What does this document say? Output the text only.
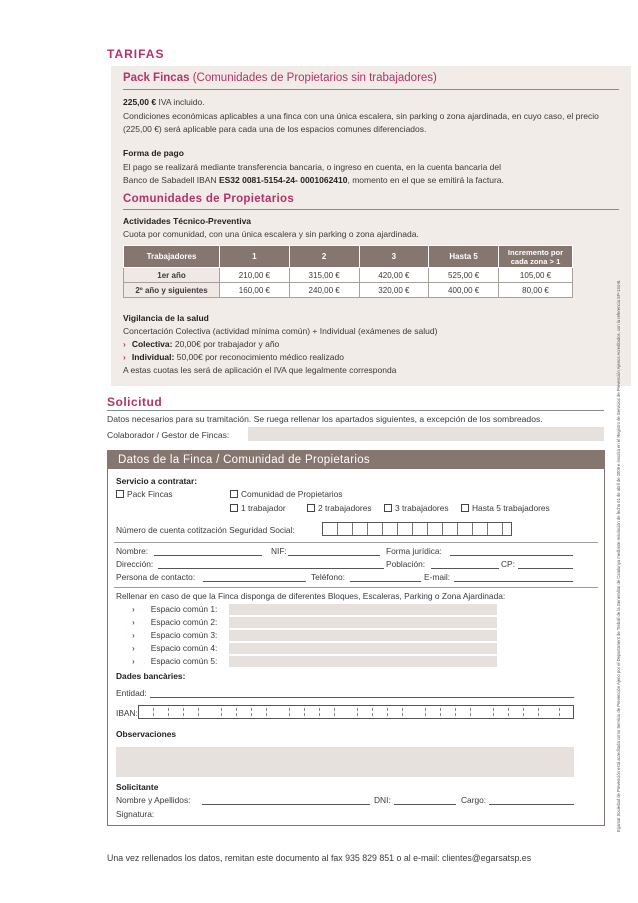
TARIFAS
Pack Fincas (Comunidades de Propietarios sin trabajadores)
225,00 € IVA incluido.
Condiciones económicas aplicables a una finca con una única escalera, sin parking o zona ajardinada, en cuyo caso, el precio (225,00 €) será aplicable para cada una de los espacios comunes diferenciados.
Forma de pago
El pago se realizará mediante transferencia bancaria, o ingreso en cuenta, en la cuenta bancaria del
Banco de Sabadell IBAN ES32 0081-5154-24- 0001062410, momento en el que se emitirá la factura.
Comunidades de Propietarios
Actividades Técnico-Preventiva
Cuota por comunidad, con una única escalera y sin parking o zona ajardinada.
Trabajadores	1	2	3	Hasta 5	Incremento por cada zona > 1
1er año	210,00 €	315,00 €	420,00 €	525,00 €	105,00 €
2º año y siguientes	160,00 €	240,00 €	320,00 €	400,00 €	80,00 €
Vigilancia de la salud
Concertación Colectiva (actividad mínima común) + Individual (exámenes de salud)
› Colectiva: 20,00€ por trabajador y año
› Individual: 50,00€ por reconocimiento médico realizado
A estas cuotas les será de aplicación el IVA que legalmente corresponda	Egarsat Sociedad de Prevención está acreditada como Servicio de Prevención Ajeno por el Departament de Treball de la Generalitat de Catalunya mediante resolución de fecha 01 de abril de 2009 e inscrita en el Registro de Servicios de Prevención Ajenos Acreditados, con la referencia SP-134-B.
Solicitud
Datos necesarios para su tramitación. Se ruega rellenar los apartados siguientes, a excepción de los sombreados.
Colaborador / Gestor de Fincas:
Datos de la Finca / Comunidad de Propietarios
Servicio a contratar:
Pack Fincas	Comunidad de Propietarios
1 trabajador	2 trabajadores	3 trabajadores	Hasta 5 trabajadores
Número de cuenta cotitzación Seguridad Social:
Nombre:	NIF:	Forma jurídica:
Dirección:	Población:	CP:
Persona de contacto:	Teléfono:	E-mail:
Rellenar en caso de que la Finca disponga de diferentes Bloques, Escaleras, Parking o Zona Ajardinada:
› Espacio común 1:
› Espacio común 2:
› Espacio común 3:
› Espacio común 4:
› Espacio común 5:
Dades bancàries:
Entidad:
IBAN:
Observaciones
Solicitante
Nombre y Apellidos:	DNI:	Cargo:
Signatura:
Una vez rellenados los datos, remitan este documento al fax 935 829 851 o al e-mail: clientes@egarsatsp.es
